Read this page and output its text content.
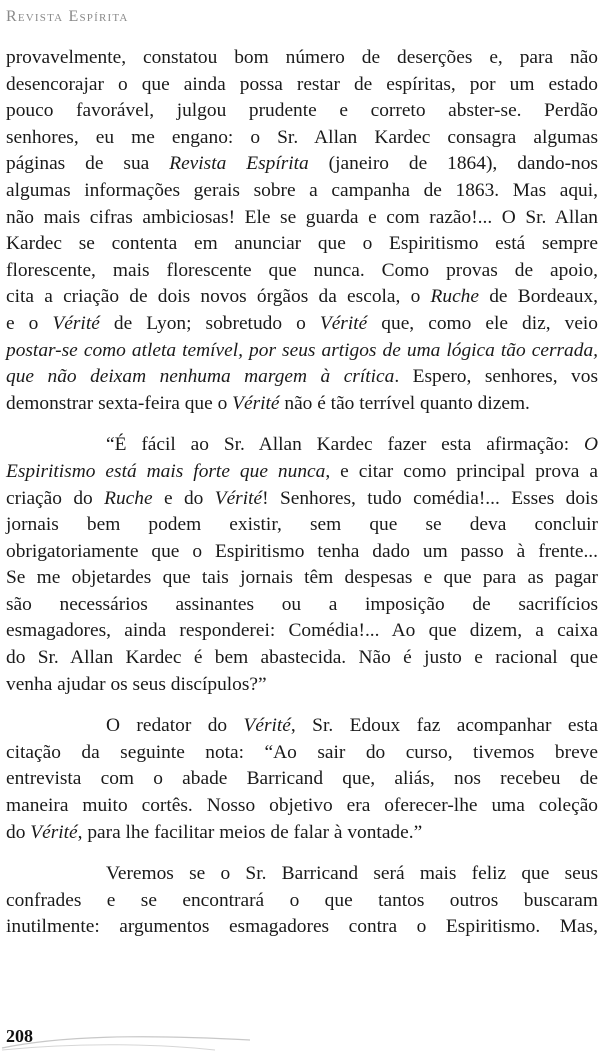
Revista Espírita
provavelmente, constatou bom número de deserções e, para não
desencorajar o que ainda possa restar de espíritas, por um estado
pouco favorável, julgou prudente e correto abster-se. Perdão
senhores, eu me engano: o Sr. Allan Kardec consagra algumas
páginas de sua Revista Espírita (janeiro de 1864), dando-nos
algumas informações gerais sobre a campanha de 1863. Mas aqui,
não mais cifras ambiciosas! Ele se guarda e com razão!... O Sr. Allan
Kardec se contenta em anunciar que o Espiritismo está sempre
florescente, mais florescente que nunca. Como provas de apoio,
cita a criação de dois novos órgãos da escola, o Ruche de Bordeaux,
e o Vérité de Lyon; sobretudo o Vérité que, como ele diz, veio
postar-se como atleta temível, por seus artigos de uma lógica tão cerrada,
que não deixam nenhuma margem à crítica. Espero, senhores, vos
demonstrar sexta-feira que o Vérité não é tão terrível quanto dizem.
“É fácil ao Sr. Allan Kardec fazer esta afirmação: O
Espiritismo está mais forte que nunca, e citar como principal prova a
criação do Ruche e do Vérité! Senhores, tudo comédia!... Esses dois
jornais bem podem existir, sem que se deva concluir
obrigatoriamente que o Espiritismo tenha dado um passo à frente...
Se me objetardes que tais jornais têm despesas e que para as pagar
são necessários assinantes ou a imposição de sacrifícios
esmagadores, ainda responderei: Comédia!... Ao que dizem, a caixa
do Sr. Allan Kardec é bem abastecida. Não é justo e racional que
venha ajudar os seus discípulos?”
O redator do Vérité, Sr. Edoux faz acompanhar esta
citação da seguinte nota: “Ao sair do curso, tivemos breve
entrevista com o abade Barricand que, aliás, nos recebeu de
maneira muito cortês. Nosso objetivo era oferecer-lhe uma coleção
do Vérité, para lhe facilitar meios de falar à vontade.”
Veremos se o Sr. Barricand será mais feliz que seus
confrades e se encontrará o que tantos outros buscaram
inutilmente: argumentos esmagadores contra o Espiritismo. Mas,
208
